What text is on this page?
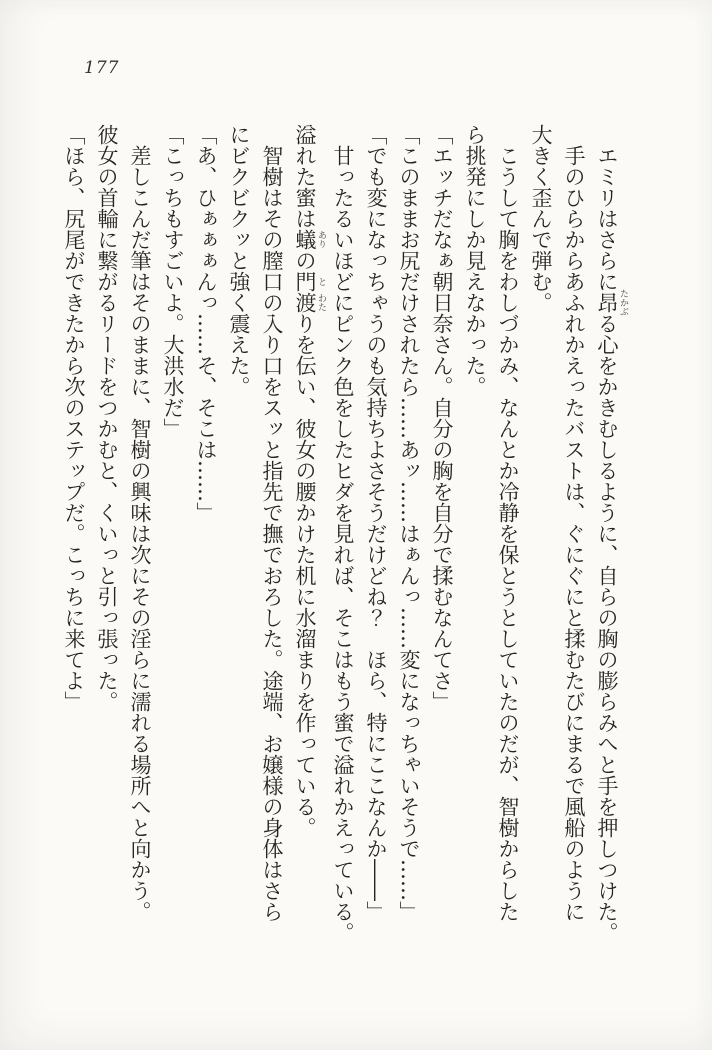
177

エミリはさらに昂 たかぶる心をかきむしるように、自らの胸の膨らみへと手を押しつけた。

手のひらからあふれかえったバストは、ぐにぐにと揉むたびにまるで風船のように

大きく歪んで弾む。

こうして胸をわしづかみ、なんとか冷静を保とうとしていたのだが、智樹からした

ら挑発にしか見えなかった。

「エッチだなぁ朝日奈さん。自分の胸を自分で揉むなんてさ」

「このままお尻だけされたら……あッ……はぁんっ……変になっちゃいそうで……」

「でも変になっちゃうのも気持ちよさそうだけどね？　ほら、特にここなんか――」

甘ったるいほどにピンク色をしたヒダを見れば、そこはもう蜜で溢れかえっている。

溢れた蜜は蟻 ありの門 と渡 わたりを伝い、彼女の腰かけた机に水溜まりを作っている。

智樹はその膣口の入り口をスッと指先で撫でおろした。途端、お嬢様の身体はさら

にビクビクッと強く震えた。

「あ、ひぁぁぁんっ……そ、そこは……」

「こっちもすごいよ。大洪水だ」

差しこんだ筆はそのままに、智樹の興味は次にその淫らに濡れる場所へと向かう。

彼女の首輪に繋がるリードをつかむと、くいっと引っ張った。

「ほら、尻尾ができたから次のステップだ。こっちに来てよ」
